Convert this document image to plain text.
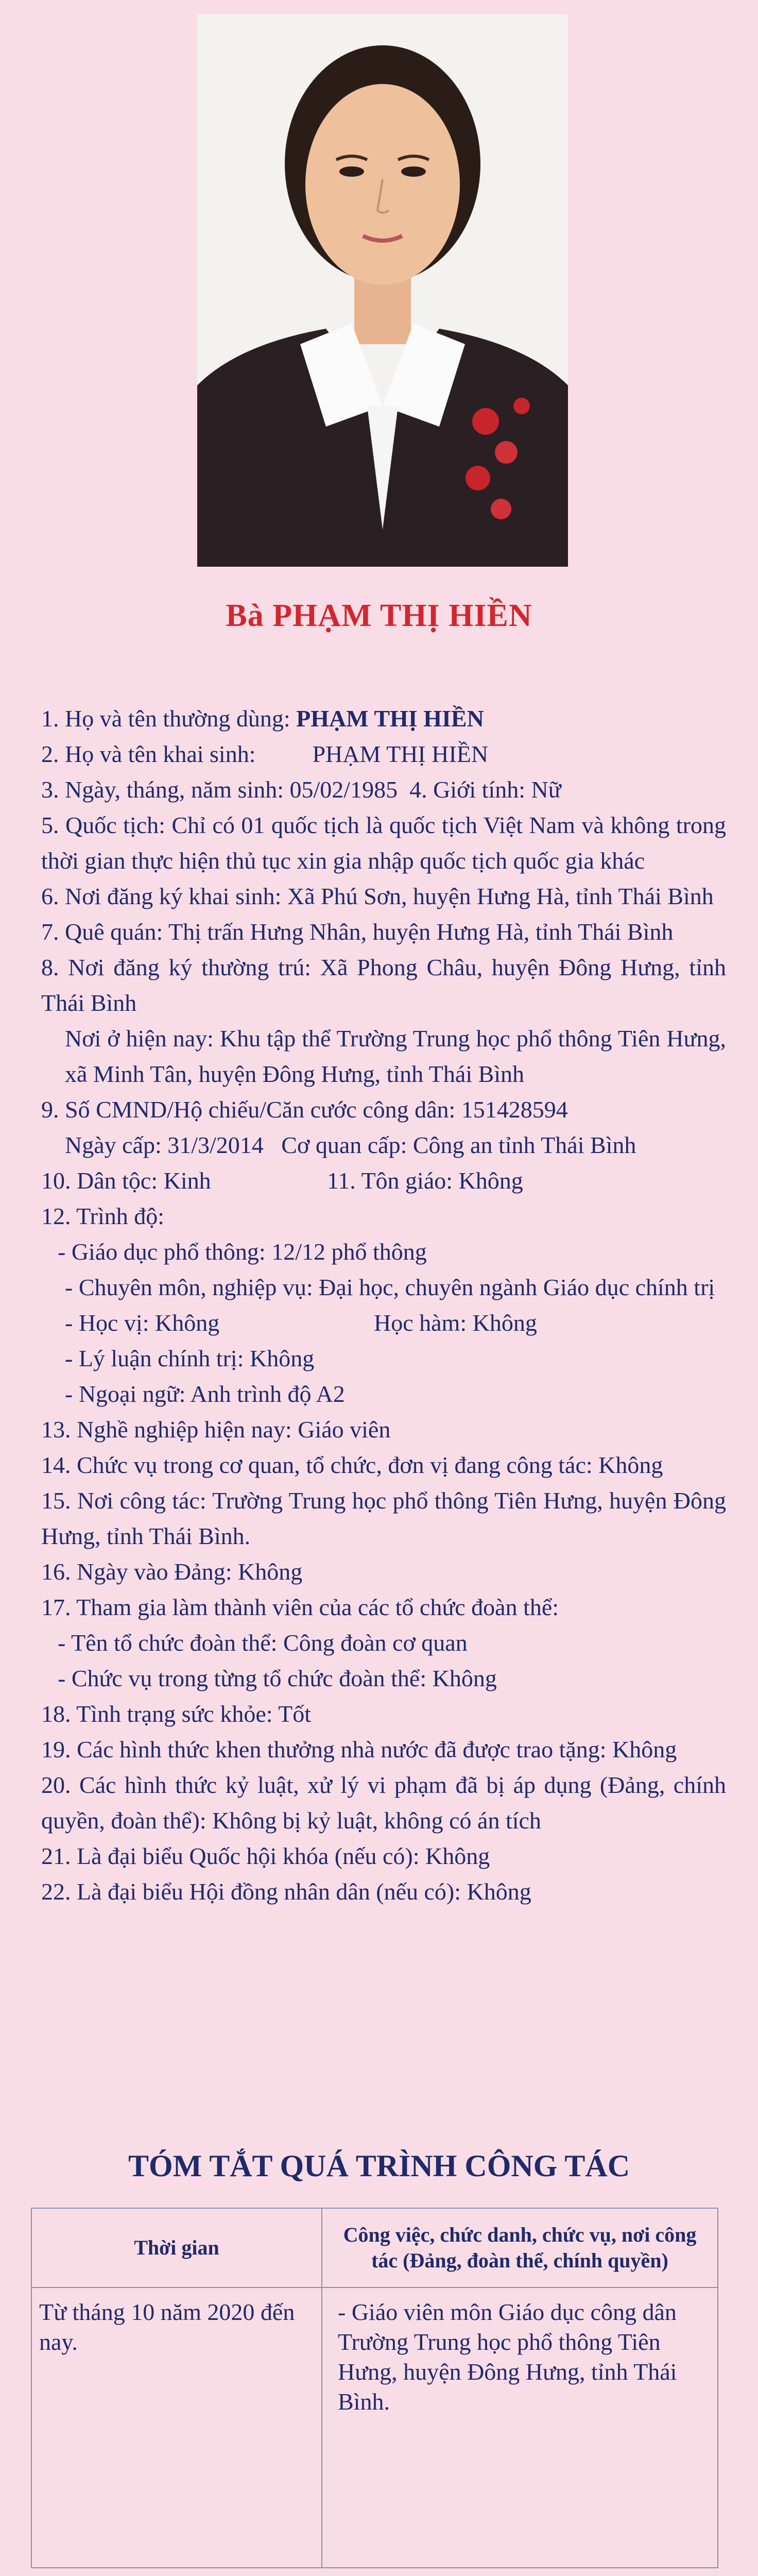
Bà PHẠM THỊ HIỀN

1. Họ và tên thường dùng: PHẠM THỊ HIỀN

2. Họ và tên khai sinh: PHẠM THỊ HIỀN

3. Ngày, tháng, năm sinh: 05/02/1985 4. Giới tính: Nữ

5. Quốc tịch: Chỉ có 01 quốc tịch là quốc tịch Việt Nam và không trong thời gian thực hiện thủ tục xin gia nhập quốc tịch quốc gia khác

6. Nơi đăng ký khai sinh: Xã Phú Sơn, huyện Hưng Hà, tỉnh Thái Bình

7. Quê quán: Thị trấn Hưng Nhân, huyện Hưng Hà, tỉnh Thái Bình

8. Nơi đăng ký thường trú: Xã Phong Châu, huyện Đông Hưng, tỉnh Thái Bình

Nơi ở hiện nay: Khu tập thể Trường Trung học phổ thông Tiên Hưng, xã Minh Tân, huyện Đông Hưng, tỉnh Thái Bình

9. Số CMND/Hộ chiếu/Căn cước công dân: 151428594

Ngày cấp: 31/3/2014   Cơ quan cấp: Công an tỉnh Thái Bình

10. Dân tộc: Kinh	11. Tôn giáo: Không

12. Trình độ:

- Giáo dục phổ thông: 12/12 phổ thông

- Chuyên môn, nghiệp vụ: Đại học, chuyên ngành Giáo dục chính trị

- Học vị: Không	Học hàm: Không

- Lý luận chính trị: Không

- Ngoại ngữ: Anh trình độ A2

13. Nghề nghiệp hiện nay: Giáo viên

14. Chức vụ trong cơ quan, tổ chức, đơn vị đang công tác: Không

15. Nơi công tác: Trường Trung học phổ thông Tiên Hưng, huyện Đông Hưng, tỉnh Thái Bình.

16. Ngày vào Đảng: Không

17. Tham gia làm thành viên của các tổ chức đoàn thể:

- Tên tổ chức đoàn thể: Công đoàn cơ quan

- Chức vụ trong từng tổ chức đoàn thể: Không

18. Tình trạng sức khỏe: Tốt

19. Các hình thức khen thưởng nhà nước đã được trao tặng: Không

20. Các hình thức kỷ luật, xử lý vi phạm đã bị áp dụng (Đảng, chính quyền, đoàn thể): Không bị kỷ luật, không có án tích

21. Là đại biểu Quốc hội khóa (nếu có): Không

22. Là đại biểu Hội đồng nhân dân (nếu có): Không

TÓM TẮT QUÁ TRÌNH CÔNG TÁC
Thời gian	Công việc, chức danh, chức vụ, nơi công tác (Đảng, đoàn thể, chính quyền)
Từ tháng 10 năm 2020 đến nay.	- Giáo viên môn Giáo dục công dân Trường Trung học phổ thông Tiên Hưng, huyện Đông Hưng, tỉnh Thái Bình.
